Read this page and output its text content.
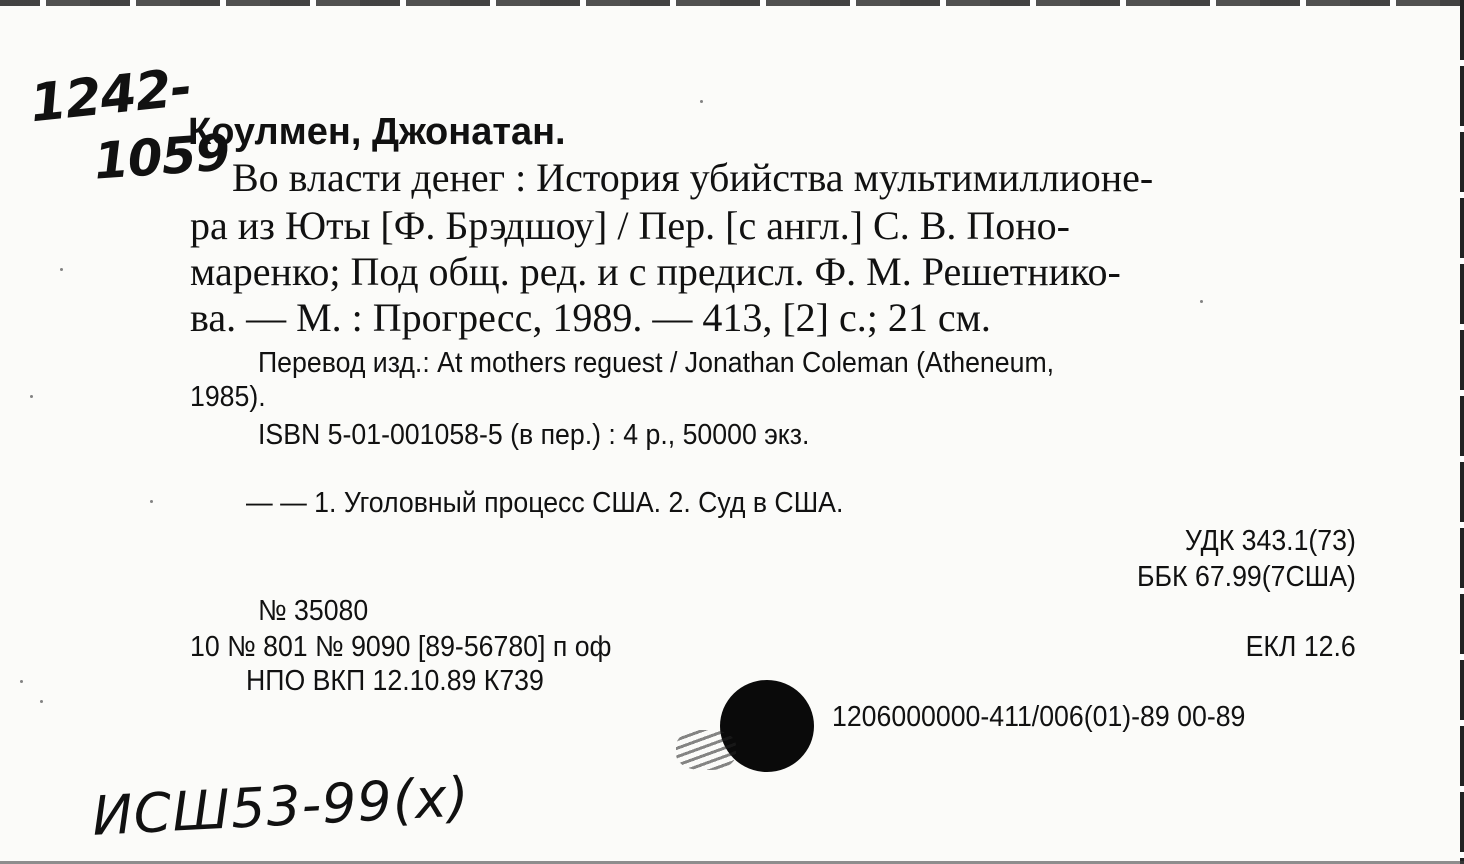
1242-
1059
Коулмен, Джонатан.
Во власти денег : История убийства мультимиллионе-
ра из Юты [Ф. Брэдшоу] / Пер. [с англ.] С. В. Поно-
маренко; Под общ. ред. и с предисл. Ф. М. Решетнико-
ва. — М. : Прогресс, 1989. — 413, [2] с.; 21 см.
Перевод изд.: At mothers reguest / Jonathan Coleman (Atheneum,
1985).
ISBN 5-01-001058-5 (в пер.) : 4 р., 50000 экз.
— — 1. Уголовный процесс США. 2. Суд в США.
УДК 343.1(73)
ББК 67.99(7США)
№ 35080
10 № 801 № 9090 [89-56780] п оф	ЕКЛ 12.6
НПО ВКП 12.10.89 К739
1206000000-411/006(01)-89 00-89
ИСШ53-99(х)
